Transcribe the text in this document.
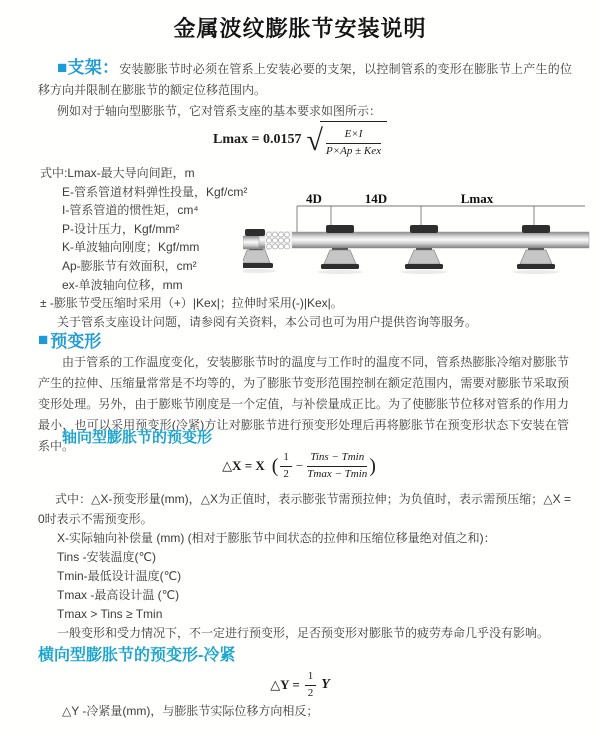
金属波纹膨胀节安装说明
■支架：安装膨胀节时必须在管系上安装必要的支架，以控制管系的变形在膨胀节上产生的位移方向并限制在膨胀节的额定位移范围内。
例如对于轴向型膨胀节，它对管系支座的基本要求如图所示：
Lmax = 0.0157 √ $\frac{E\times I}{\text{P×Ap ± Kex}}$
式中:Lmax-最大导向间距，m
E-管系管道材料弹性投量，Kgf/cm²
I-管系管道的惯性矩，cm⁴
P-设计压力，Kgf/mm²
K-单波轴向刚度；Kgf/mm
Ap-膨胀节有效面积，cm²
ex-单波轴向位移，mm
± -膨胀节受压缩时采用（+）|Kex|；拉伸时采用(-)|Kex|。
关于管系支座设计问题，请参阅有关资料，本公司也可为用户提供咨询等服务。
4D	14D	Lmax
■ 预变形
由于管系的工作温度变化，安装膨胀节时的温度与工作时的温度不同，管系热膨胀冷缩对膨胀节产生的拉伸、压缩量常常是不均等的，为了膨胀节变形范围控制在额定范围内，需要对膨胀节采取预变形处理。另外，由于膨账节刚度是一个定值，与补偿量成正比。为了使膨胀节位移对管系的作用力最小，也可以采用预变形(冷紧)方让对膨胀节进行预变形处理后再将膨胀节在预变形状态下安装在管系中。
轴向型膨胀节的预变形
△X = X ( $\frac{1}{2} - \frac{\text{Tins − Tmin}}{Tmax - Tmin}$ )
式中：△X-预变形量(mm)，△X为正值时，表示膨张节需预拉伸；为负值时，表示需预压缩；△X = 0时表示不需预变形。
X-实际轴向补偿量 (mm) (相对于膨胀节中间状态的拉伸和压缩位移量绝对值之和)：
Tins -安装温度(℃)
Tmin-最低设计温度(℃)
Tmax -最高设计温 (℃)
Tmax > Tins ≥ Tmin
一般变形和受力情况下，不一定进行预变形，足否预变形对膨胀节的疲劳寿命几乎没有影响。
横向型膨胀节的预变形-冷紧
△Y = $\frac{1}{2}$ Y
△Y -冷紧量(mm)，与膨胀节实际位移方向相反；
